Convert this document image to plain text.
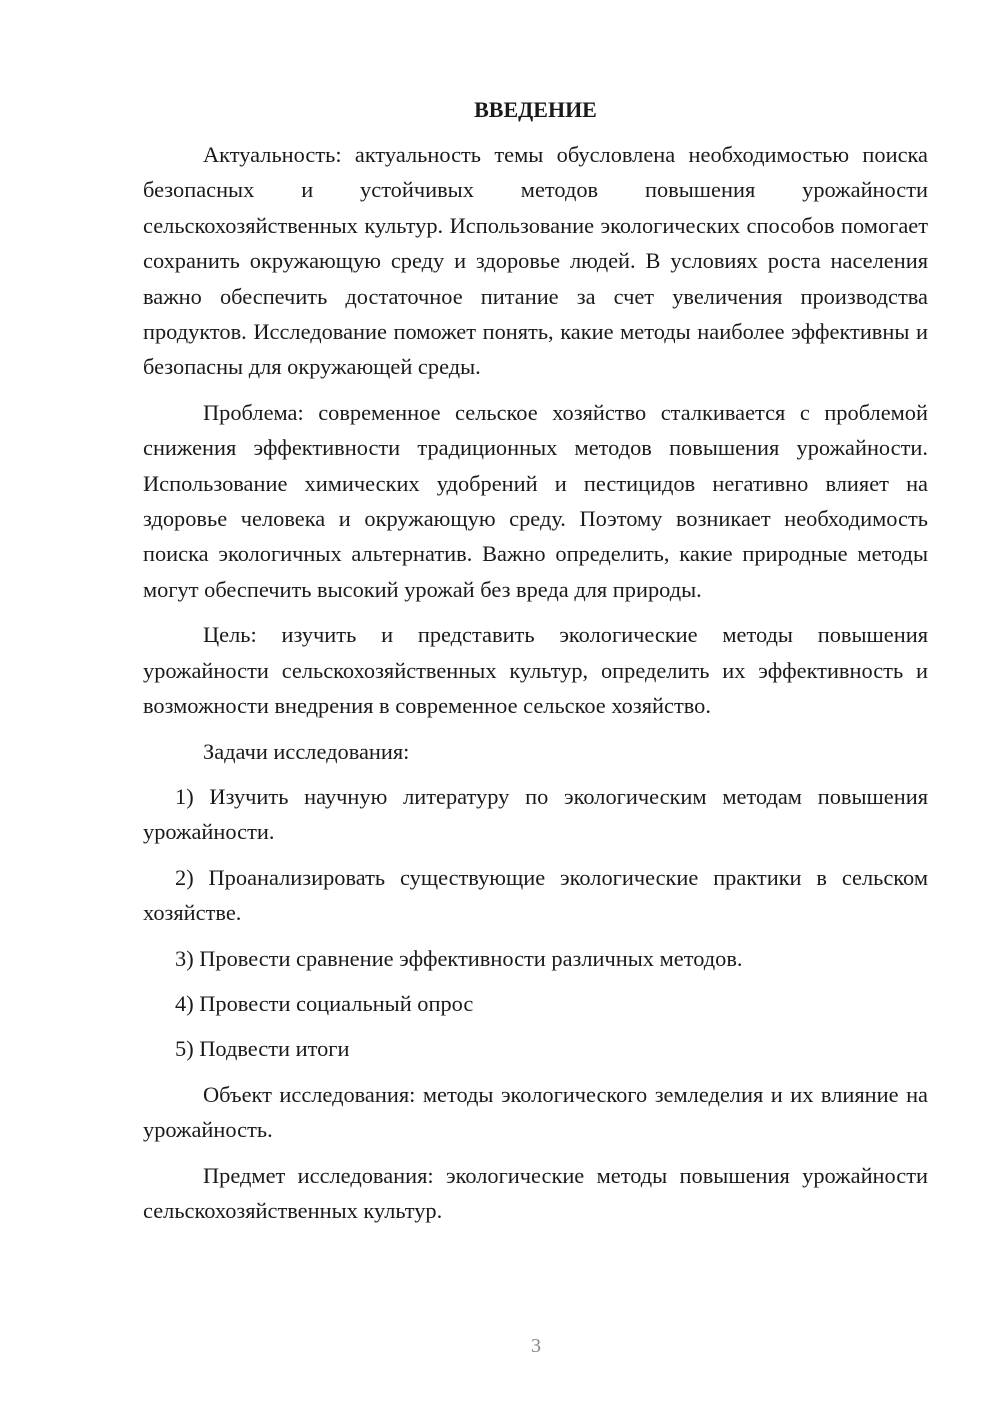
ВВЕДЕНИЕ

Актуальность: актуальность темы обусловлена необходимостью поиска безопасных и устойчивых методов повышения урожайности сельскохозяйственных культур. Использование экологических способов помогает сохранить окружающую среду и здоровье людей. В условиях роста населения важно обеспечить достаточное питание за счет увеличения производства продуктов. Исследование поможет понять, какие методы наиболее эффективны и безопасны для окружающей среды.

Проблема: современное сельское хозяйство сталкивается с проблемой снижения эффективности традиционных методов повышения урожайности. Использование химических удобрений и пестицидов негативно влияет на здоровье человека и окружающую среду. Поэтому возникает необходимость поиска экологичных альтернатив. Важно определить, какие природные методы могут обеспечить высокий урожай без вреда для природы.

Цель: изучить и представить экологические методы повышения урожайности сельскохозяйственных культур, определить их эффективность и возможности внедрения в современное сельское хозяйство.

Задачи исследования:

1) Изучить научную литературу по экологическим методам повышения урожайности.

2) Проанализировать существующие экологические практики в сельском хозяйстве.

3) Провести сравнение эффективности различных методов.

4) Провести социальный опрос

5) Подвести итоги

Объект исследования: методы экологического земледелия и их влияние на урожайность.

Предмет исследования: экологические методы повышения урожайности сельскохозяйственных культур.

3
